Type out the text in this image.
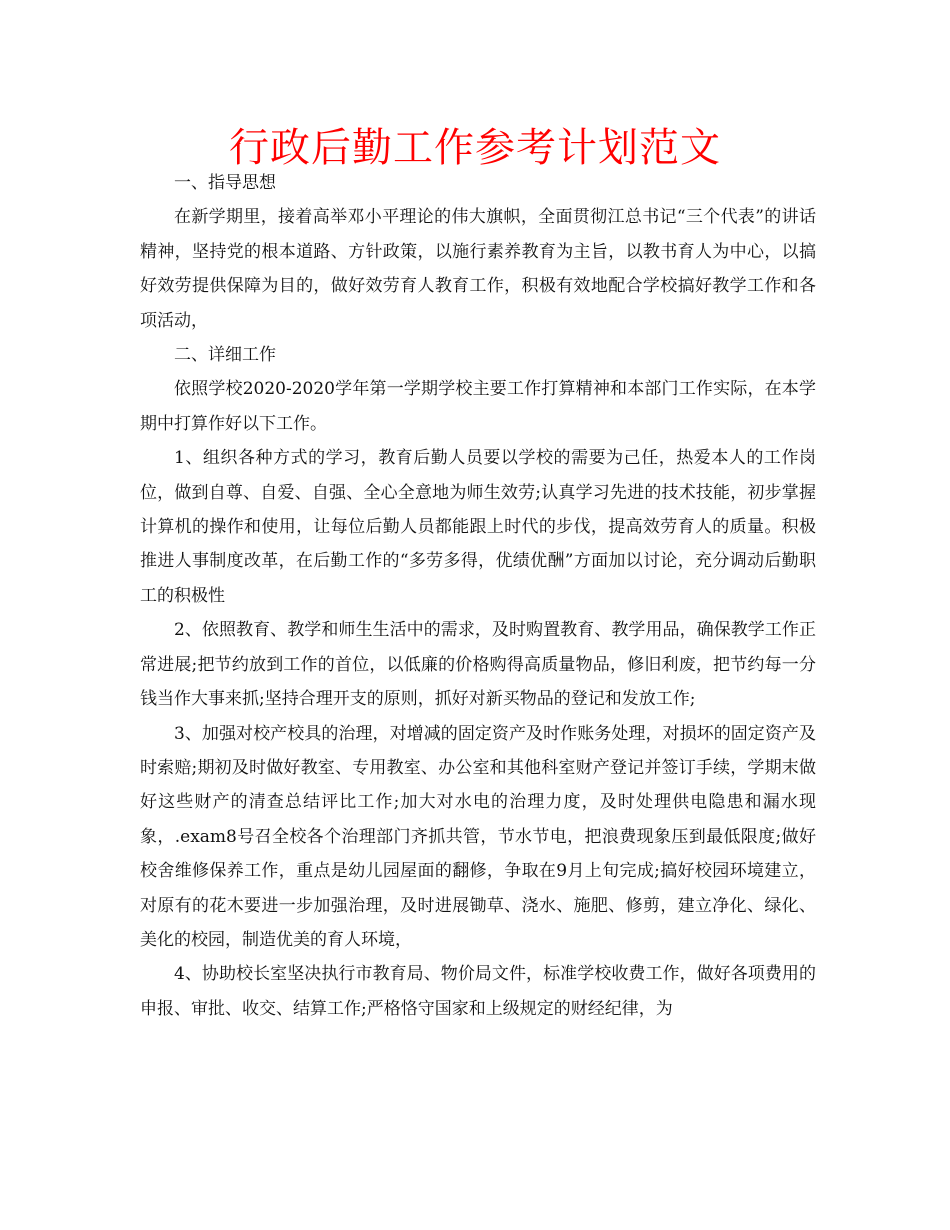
行政后勤工作参考计划范文

一、指导思想

在新学期里，接着高举邓小平理论的伟大旗帜，全面贯彻江总书记“三个代表”的讲话精神，坚持党的根本道路、方针政策，以施行素养教育为主旨，以教书育人为中心，以搞好效劳提供保障为目的，做好效劳育人教育工作，积极有效地配合学校搞好教学工作和各项活动，

二、详细工作

依照学校2020-2020学年第一学期学校主要工作打算精神和本部门工作实际，在本学期中打算作好以下工作。

1、组织各种方式的学习，教育后勤人员要以学校的需要为己任，热爱本人的工作岗位，做到自尊、自爱、自强、全心全意地为师生效劳;认真学习先进的技术技能，初步掌握计算机的操作和使用，让每位后勤人员都能跟上时代的步伐，提高效劳育人的质量。积极推进人事制度改革，在后勤工作的“多劳多得，优绩优酬”方面加以讨论，充分调动后勤职工的积极性

2、依照教育、教学和师生生活中的需求，及时购置教育、教学用品，确保教学工作正常进展;把节约放到工作的首位，以低廉的价格购得高质量物品，修旧利废，把节约每一分钱当作大事来抓;坚持合理开支的原则，抓好对新买物品的登记和发放工作;

3、加强对校产校具的治理，对增减的固定资产及时作账务处理，对损坏的固定资产及时索赔;期初及时做好教室、专用教室、办公室和其他科室财产登记并签订手续，学期末做好这些财产的清查总结评比工作;加大对水电的治理力度，及时处理供电隐患和漏水现象，.exam8号召全校各个治理部门齐抓共管，节水节电，把浪费现象压到最低限度;做好校舍维修保养工作，重点是幼儿园屋面的翻修，争取在9月上旬完成;搞好校园环境建立，对原有的花木要进一步加强治理，及时进展锄草、浇水、施肥、修剪，建立净化、绿化、美化的校园，制造优美的育人环境，

4、协助校长室坚决执行市教育局、物价局文件，标准学校收费工作，做好各项费用的申报、审批、收交、结算工作;严格恪守国家和上级规定的财经纪律，为
